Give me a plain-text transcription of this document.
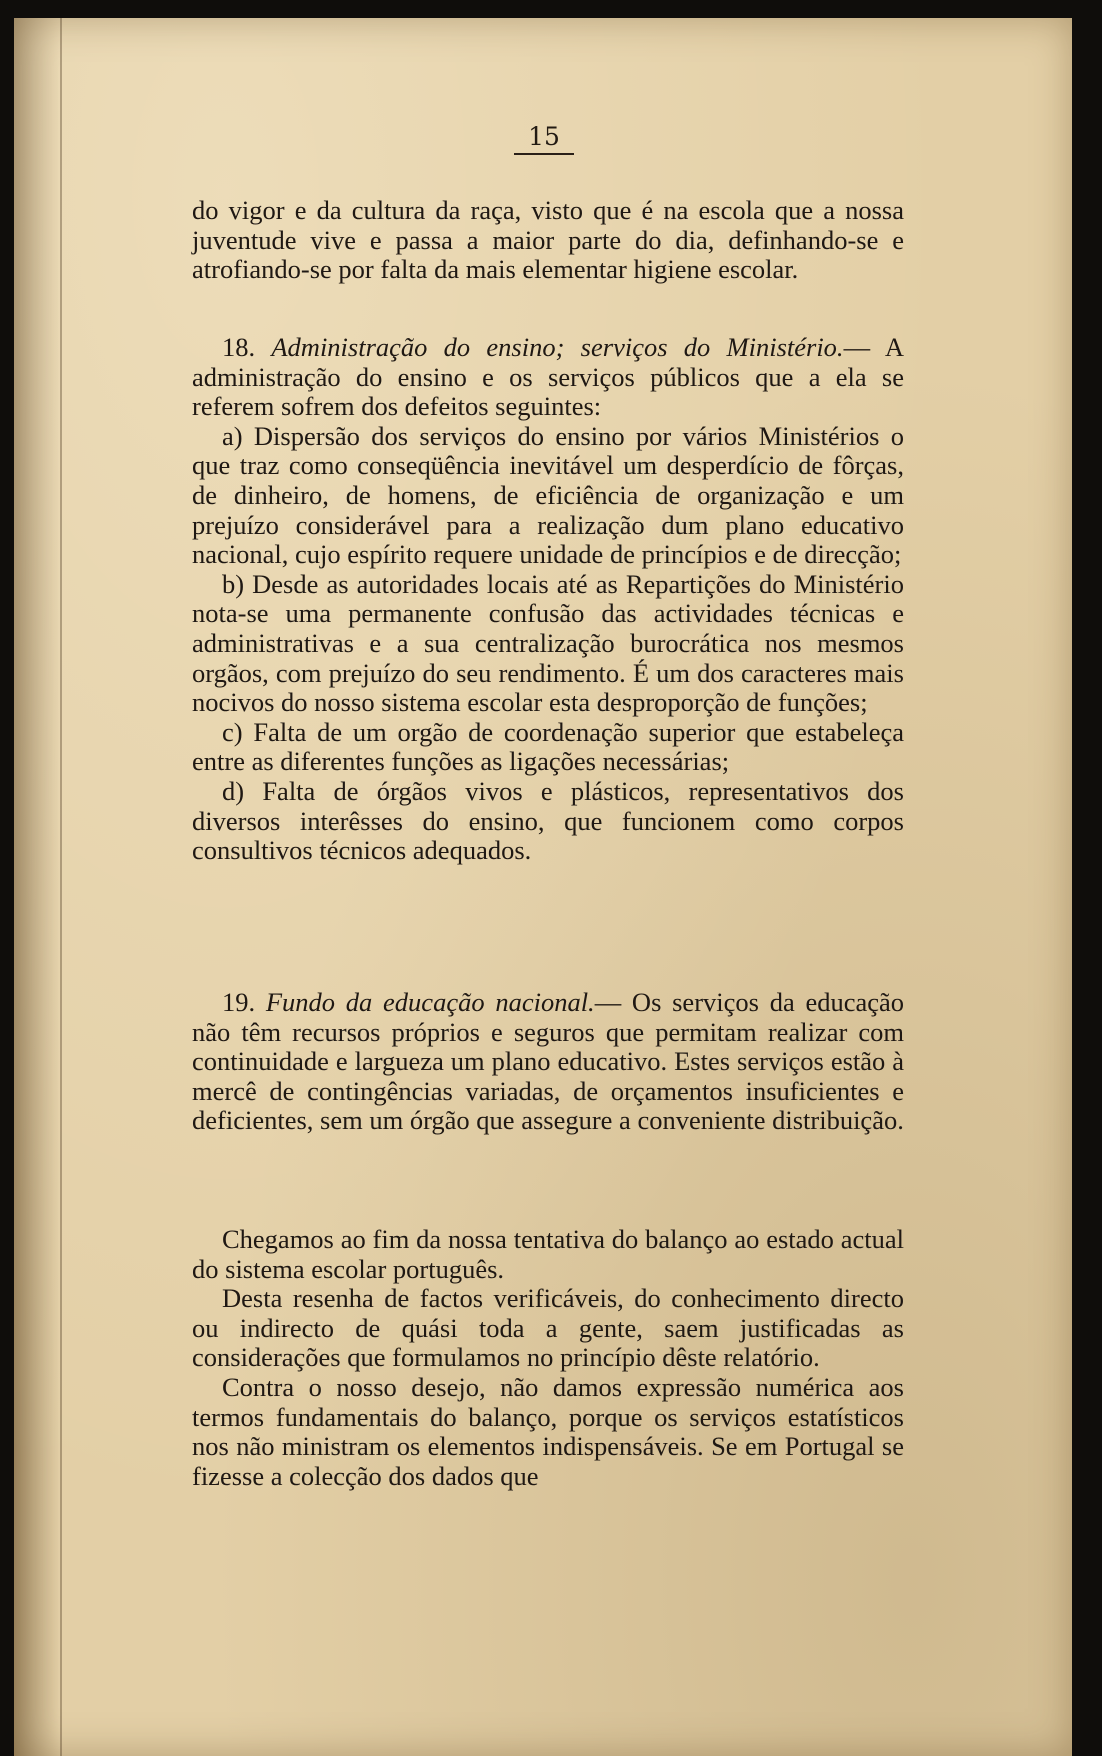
15

do vigor e da cultura da raça, visto que é na escola que a nossa juventude vive e passa a maior parte do dia, definhando-se e atrofiando-se por falta da mais elementar higiene escolar.

18. Administração do ensino; serviços do Ministério.— A administração do ensino e os serviços públicos que a ela se referem sofrem dos defeitos seguintes:

a) Dispersão dos serviços do ensino por vários Ministérios o que traz como conseqüência inevitável um desperdício de fôrças, de dinheiro, de homens, de eficiência de organização e um prejuízo considerável para a realização dum plano educativo nacional, cujo espírito requere unidade de princípios e de direcção;

b) Desde as autoridades locais até as Repartições do Ministério nota-se uma permanente confusão das actividades técnicas e administrativas e a sua centralização burocrática nos mesmos orgãos, com prejuízo do seu rendimento. É um dos caracteres mais nocivos do nosso sistema escolar esta desproporção de funções;

c) Falta de um orgão de coordenação superior que estabeleça entre as diferentes funções as ligações necessárias;

d) Falta de órgãos vivos e plásticos, representativos dos diversos interêsses do ensino, que funcionem como corpos consultivos técnicos adequados.

19. Fundo da educação nacional.— Os serviços da educação não têm recursos próprios e seguros que permitam realizar com continuidade e largueza um plano educativo. Estes serviços estão à mercê de contingências variadas, de orçamentos insuficientes e deficientes, sem um órgão que assegure a conveniente distribuição.

Chegamos ao fim da nossa tentativa do balanço ao estado actual do sistema escolar português.

Desta resenha de factos verificáveis, do conhecimento directo ou indirecto de quási toda a gente, saem justificadas as considerações que formulamos no princípio dêste relatório.

Contra o nosso desejo, não damos expressão numérica aos termos fundamentais do balanço, porque os serviços estatísticos nos não ministram os elementos indispensáveis. Se em Portugal se fizesse a colecção dos dados que
